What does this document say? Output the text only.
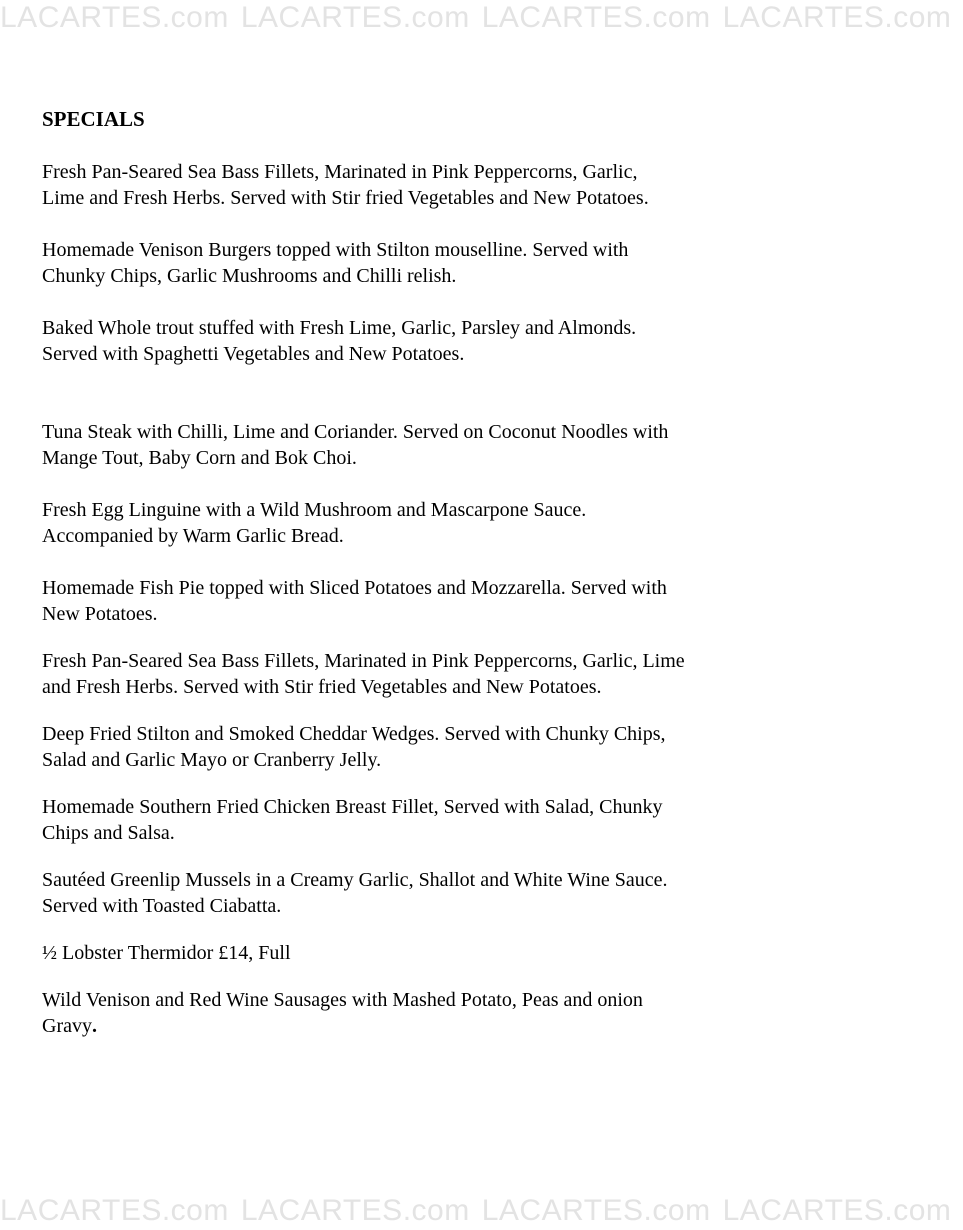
LACARTES.com LACARTES.com LACARTES.com LACARTES.com
SPECIALS

Fresh Pan-Seared Sea Bass Fillets, Marinated in Pink Peppercorns, Garlic,
Lime and Fresh Herbs. Served with Stir fried Vegetables and New Potatoes.

Homemade Venison Burgers topped with Stilton mouselline. Served with
Chunky Chips, Garlic Mushrooms and Chilli relish.

Baked Whole trout stuffed with Fresh Lime, Garlic, Parsley and Almonds.
Served with Spaghetti Vegetables and New Potatoes.

Tuna Steak with Chilli, Lime and Coriander. Served on Coconut Noodles with
Mange Tout, Baby Corn and Bok Choi.

Fresh Egg Linguine with a Wild Mushroom and Mascarpone Sauce.
Accompanied by Warm Garlic Bread.

Homemade Fish Pie topped with Sliced Potatoes and Mozzarella. Served with
New Potatoes.

Fresh Pan-Seared Sea Bass Fillets, Marinated in Pink Peppercorns, Garlic, Lime
and Fresh Herbs. Served with Stir fried Vegetables and New Potatoes.

Deep Fried Stilton and Smoked Cheddar Wedges. Served with Chunky Chips,
Salad and Garlic Mayo or Cranberry Jelly.

Homemade Southern Fried Chicken Breast Fillet, Served with Salad, Chunky
Chips and Salsa.

Sautéed Greenlip Mussels in a Creamy Garlic, Shallot and White Wine Sauce.
Served with Toasted Ciabatta.

½ Lobster Thermidor £14, Full

Wild Venison and Red Wine Sausages with Mashed Potato, Peas and onion
Gravy.

LACARTES.com LACARTES.com LACARTES.com LACARTES.com
